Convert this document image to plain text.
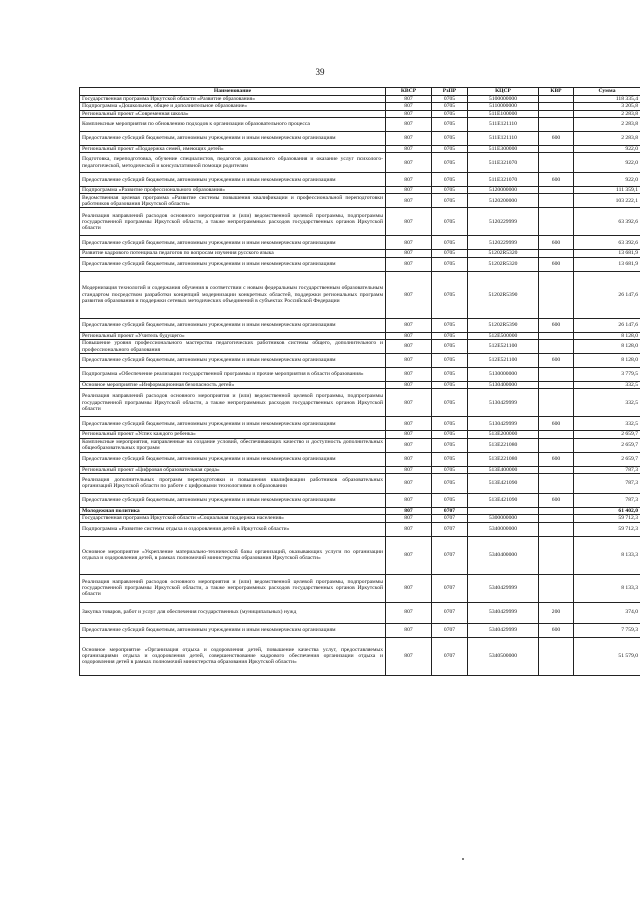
39
Наименование	КВСР	РзПР	КЦСР	КВР	Сумма
Государственная программа Иркутской области «Развитие образования»	807	0705	5100000000		118 335,4
Подпрограмма «Дошкольное, общее и дополнительное образование»	807	0705	5110000000		3 205,8
Региональный проект «Современная школа»	807	0705	511E100000		2 283,8
Комплексные мероприятия по обновлению подходов к организации образовательного процесса	807	0705	511E121110		2 283,8
Предоставление субсидий бюджетным, автономным учреждениям и иным некоммерческим организациям	807	0705	511E121110	600	2 283,8
Региональный проект «Поддержка семей, имеющих детей»	807	0705	511E300000		922,0
Подготовка, переподготовка, обучение специалистов, педагогов дошкольного образования и оказание услуг психолого-педагогической, методической и консультативной помощи родителям	807	0705	511E321070		922,0
Предоставление субсидий бюджетным, автономным учреждениям и иным некоммерческим организациям	807	0705	511E321070	600	922,0
Подпрограмма «Развитие профессионального образования»	807	0705	5120000000		111 359,1
Ведомственная целевая программа «Развитие системы повышения квалификации и профессиональной переподготовки работников образования Иркутской области»	807	0705	5120200000		103 222,1
Реализация направлений расходов основного мероприятия и (или) ведомственной целевой программы, подпрограммы государственной программы Иркутской области, а также непрограммных расходов государственных органов Иркутской области	807	0705	5120229999		63 392,6
Предоставление субсидий бюджетным, автономным учреждениям и иным некоммерческим организациям	807	0705	5120229999	600	63 392,6
Развитие кадрового потенциала педагогов по вопросам изучения русского языка	807	0705	51202R5320		13 681,9
Предоставление субсидий бюджетным, автономным учреждениям и иным некоммерческим организациям	807	0705	51202R5320	600	13 681,9
Модернизация технологий и содержания обучения в соответствии с новым федеральным государственным образовательным стандартом посредством разработки концепций модернизации конкретных областей, поддержки региональных программ развития образования и поддержки сетевых методических объединений в субъектах Российской Федерации	807	0705	51202R5390		26 147,6
Предоставление субсидий бюджетным, автономным учреждениям и иным некоммерческим организациям	807	0705	51202R5390	600	26 147,6
Региональный проект «Учитель будущего»	807	0705	512E500000		8 128,0
Повышение уровня профессионального мастерства педагогических работников системы общего, дополнительного и профессионального образования	807	0705	512E521100		8 128,0
Предоставление субсидий бюджетным, автономным учреждениям и иным некоммерческим организациям	807	0705	512E521100	600	8 128,0
Подпрограмма «Обеспечение реализации государственной программы и прочие мероприятия в области образования»	807	0705	5130000000		3 779,5
Основное мероприятие «Информационная безопасность детей»	807	0705	5130400000		332,5
Реализация направлений расходов основного мероприятия и (или) ведомственной целевой программы, подпрограммы государственной программы Иркутской области, а также непрограммных расходов государственных органов Иркутской области	807	0705	5130429999		332,5
Предоставление субсидий бюджетным, автономным учреждениям и иным некоммерческим организациям	807	0705	5130429999	600	332,5
Региональный проект «Успех каждого ребенка»	807	0705	513E200000		2 659,7
Комплексные мероприятия, направленные на создание условий, обеспечивающих качество и доступность дополнительных общеобразовательных программ	807	0705	513E221080		2 659,7
Предоставление субсидий бюджетным, автономным учреждениям и иным некоммерческим организациям	807	0705	513E221080	600	2 659,7
Региональный проект «Цифровая образовательная среда»	807	0705	513E400000		787,3
Реализация дополнительных программ переподготовки и повышения квалификации работников образовательных организаций Иркутской области по работе с цифровыми технологиями в образовании	807	0705	513E421090		787,3
Предоставление субсидий бюджетным, автономным учреждениям и иным некоммерческим организациям	807	0705	513E421090	600	787,3
Молодежная политика	807	0707			61 402,0
Государственная программа Иркутской области «Социальная поддержка населения»	807	0707	5300000000		59 712,3
Подпрограмма «Развитие системы отдыха и оздоровления детей в Иркутской области»	807	0707	5340000000		59 712,3
Основное мероприятие «Укрепление материально-технической базы организаций, оказывающих услуги по организации отдыха и оздоровления детей, в рамках полномочий министерства образования Иркутской области»	807	0707	5340400000		8 133,3
Реализация направлений расходов основного мероприятия и (или) ведомственной целевой программы, подпрограммы государственной программы Иркутской области, а также непрограммных расходов государственных органов Иркутской области	807	0707	5340429999		8 133,3
Закупка товаров, работ и услуг для обеспечения государственных (муниципальных) нужд	807	0707	5340429999	200	374,0
Предоставление субсидий бюджетным, автономным учреждениям и иным некоммерческим организациям	807	0707	5340429999	600	7 759,3
Основное мероприятие «Организация отдыха и оздоровления детей, повышение качества услуг, предоставляемых организациями отдыха и оздоровления детей, совершенствование кадрового обеспечения организации отдыха и оздоровления детей в рамках полномочий министерства образования Иркутской области»	807	0707	5340500000		51 579,0
